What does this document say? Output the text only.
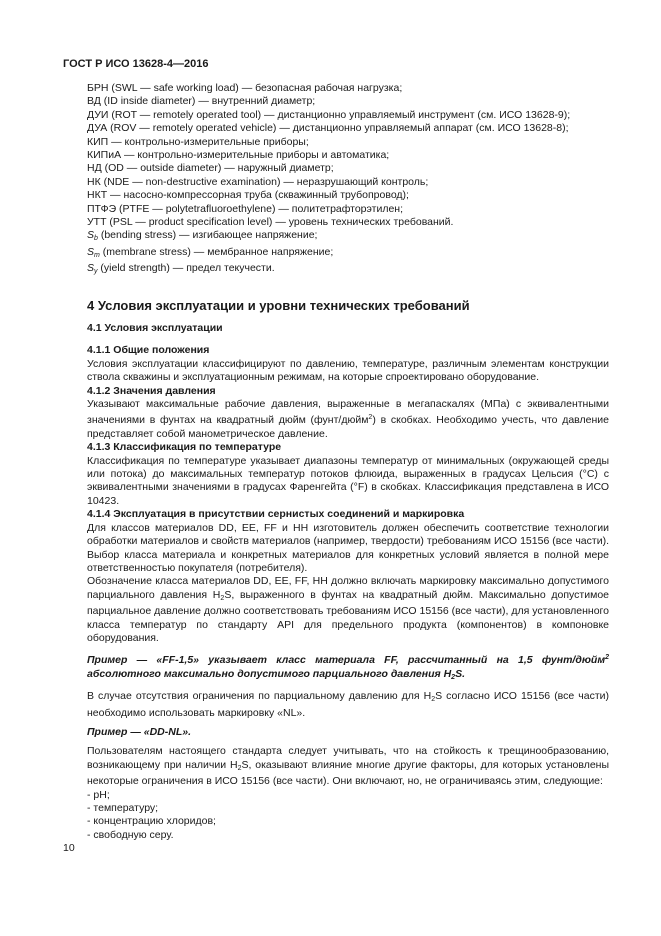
ГОСТ Р ИСО 13628-4—2016

БРН (SWL — safe working load) — безопасная рабочая нагрузка;

ВД (ID inside diameter) — внутренний диаметр;

ДУИ (ROT — remotely operated tool) — дистанционно управляемый инструмент (см. ИСО 13628-9);

ДУА (ROV — remotely operated vehicle) — дистанционно управляемый аппарат (см. ИСО 13628-8);

КИП — контрольно-измерительные приборы;

КИПиА — контрольно-измерительные приборы и автоматика;

НД (OD — outside diameter) — наружный диаметр;

НК (NDE — non-destructive examination) — неразрушающий контроль;

НКТ — насосно-компрессорная труба (скважинный трубопровод);

ПТФЭ (PTFE — polytetrafluoroethylene) — политетрафторэтилен;

УТТ (PSL — product specification level) — уровень технических требований.

$S_b$ (bending stress) — изгибающее напряжение;

$S_m$ (membrane stress) — мембранное напряжение;

$S_y$ (yield strength) — предел текучести.

4 Условия эксплуатации и уровни технических требований
4.1 Условия эксплуатации
4.1.1 Общие положения
Условия эксплуатации классифицируют по давлению, температуре, различным элементам конструкции ствола скважины и эксплуатационным режимам, на которые спроектировано оборудование.
4.1.2 Значения давления
Указывают максимальные рабочие давления, выраженные в мегапаскалях (МПа) с эквивалентными значениями в фунтах на квадратный дюйм (фунт/дюйм$^2$) в скобках. Необходимо учесть, что давление представляет собой манометрическое давление.
4.1.3 Классификация по температуре
Классификация по температуре указывает диапазоны температур от минимальных (окружающей среды или потока) до максимальных температур потоков флюида, выраженных в градусах Цельсия (°C) с эквивалентными значениями в градусах Фаренгейта (°F) в скобках. Классификация представлена в ИСО 10423.
4.1.4 Эксплуатация в присутствии сернистых соединений и маркировка
Для классов материалов DD, EE, FF и HH изготовитель должен обеспечить соответствие технологии обработки материалов и свойств материалов (например, твердости) требованиям ИСО 15156 (все части). Выбор класса материала и конкретных материалов для конкретных условий является в полной мере ответственностью покупателя (потребителя).
Обозначение класса материалов DD, EE, FF, HH должно включать маркировку максимально допустимого парциального давления $H_2S$, выраженного в фунтах на квадратный дюйм. Максимально допустимое парциальное давление должно соответствовать требованиям ИСО 15156 (все части), для установленного класса температур по стандарту API для предельного продукта (компонентов) в компоновке оборудования.
Пример — «FF-1,5» указывает класс материала FF, рассчитанный на 1,5 фунт/дюйм$^2$ абсолютного максимально допустимого парциального давления $H_2S$.
В случае отсутствия ограничения по парциальному давлению для $H_2S$ согласно ИСО 15156 (все части) необходимо использовать маркировку «NL».
Пример — «DD-NL».
Пользователям настоящего стандарта следует учитывать, что на стойкость к трещинообразованию, возникающему при наличии $H_2S$, оказывают влияние многие другие факторы, для которых установлены некоторые ограничения в ИСО 15156 (все части). Они включают, но, не ограничиваясь этим, следующие:
- pH;
- температуру;
- концентрацию хлоридов;
- свободную серу.
10
